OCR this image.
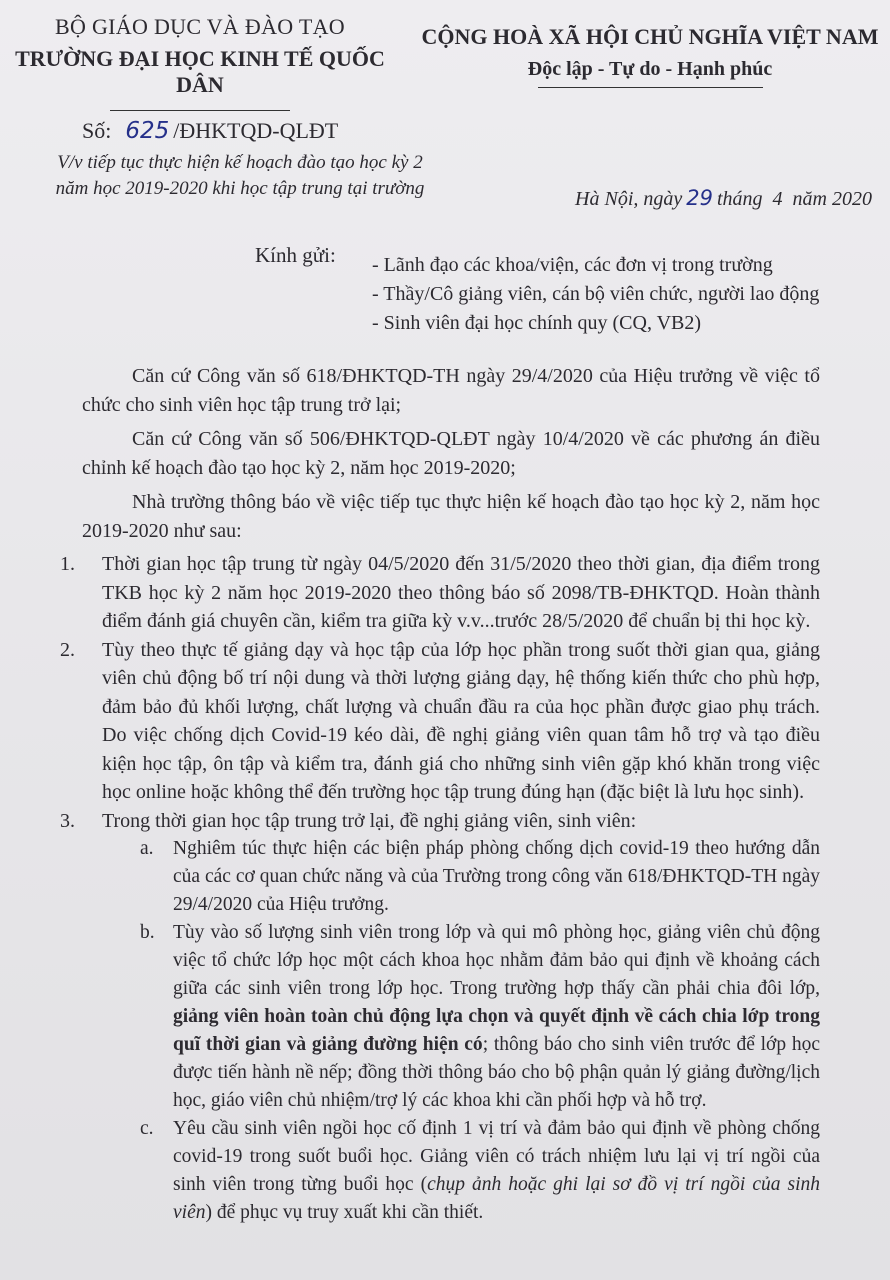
BỘ GIÁO DỤC VÀ ĐÀO TẠO
TRƯỜNG ĐẠI HỌC KINH TẾ QUỐC DÂN
CỘNG HOÀ XÃ HỘI CHỦ NGHĨA VIỆT NAM
Độc lập - Tự do - Hạnh phúc
Số: 625 /ĐHKTQD-QLĐT
V/v tiếp tục thực hiện kế hoạch đào tạo học kỳ 2
năm học 2019-2020 khi học tập trung tại trường	Hà Nội, ngày 29 tháng 4 năm 2020
Kính gửi: - Lãnh đạo các khoa/viện, các đơn vị trong trường
- Thầy/Cô giảng viên, cán bộ viên chức, người lao động
- Sinh viên đại học chính quy (CQ, VB2)

Căn cứ Công văn số 618/ĐHKTQD-TH ngày 29/4/2020 của Hiệu trưởng về việc tổ chức cho sinh viên học tập trung trở lại;

Căn cứ Công văn số 506/ĐHKTQD-QLĐT ngày 10/4/2020 về các phương án điều chỉnh kế hoạch đào tạo học kỳ 2, năm học 2019-2020;

Nhà trường thông báo về việc tiếp tục thực hiện kế hoạch đào tạo học kỳ 2, năm học 2019-2020 như sau:

1.	Thời gian học tập trung từ ngày 04/5/2020 đến 31/5/2020 theo thời gian, địa điểm trong TKB học kỳ 2 năm học 2019-2020 theo thông báo số 2098/TB-ĐHKTQD. Hoàn thành điểm đánh giá chuyên cần, kiểm tra giữa kỳ v.v...trước 28/5/2020 để chuẩn bị thi học kỳ.
2.	Tùy theo thực tế giảng dạy và học tập của lớp học phần trong suốt thời gian qua, giảng viên chủ động bố trí nội dung và thời lượng giảng dạy, hệ thống kiến thức cho phù hợp, đảm bảo đủ khối lượng, chất lượng và chuẩn đầu ra của học phần được giao phụ trách. Do việc chống dịch Covid-19 kéo dài, đề nghị giảng viên quan tâm hỗ trợ và tạo điều kiện học tập, ôn tập và kiểm tra, đánh giá cho những sinh viên gặp khó khăn trong việc học online hoặc không thể đến trường học tập trung đúng hạn (đặc biệt là lưu học sinh).
3.	Trong thời gian học tập trung trở lại, đề nghị giảng viên, sinh viên:
a. Nghiêm túc thực hiện các biện pháp phòng chống dịch covid-19 theo hướng dẫn của các cơ quan chức năng và của Trường trong công văn 618/ĐHKTQD-TH ngày 29/4/2020 của Hiệu trưởng.
b. Tùy vào số lượng sinh viên trong lớp và qui mô phòng học, giảng viên chủ động việc tổ chức lớp học một cách khoa học nhằm đảm bảo qui định về khoảng cách giữa các sinh viên trong lớp học. Trong trường hợp thấy cần phải chia đôi lớp, giảng viên hoàn toàn chủ động lựa chọn và quyết định về cách chia lớp trong quĩ thời gian và giảng đường hiện có; thông báo cho sinh viên trước để lớp học được tiến hành nề nếp; đồng thời thông báo cho bộ phận quản lý giảng đường/lịch học, giáo viên chủ nhiệm/trợ lý các khoa khi cần phối hợp và hỗ trợ.
c. Yêu cầu sinh viên ngồi học cố định 1 vị trí và đảm bảo qui định về phòng chống covid-19 trong suốt buổi học. Giảng viên có trách nhiệm lưu lại vị trí ngồi của sinh viên trong từng buổi học (chụp ảnh hoặc ghi lại sơ đồ vị trí ngồi của sinh viên) để phục vụ truy xuất khi cần thiết.
